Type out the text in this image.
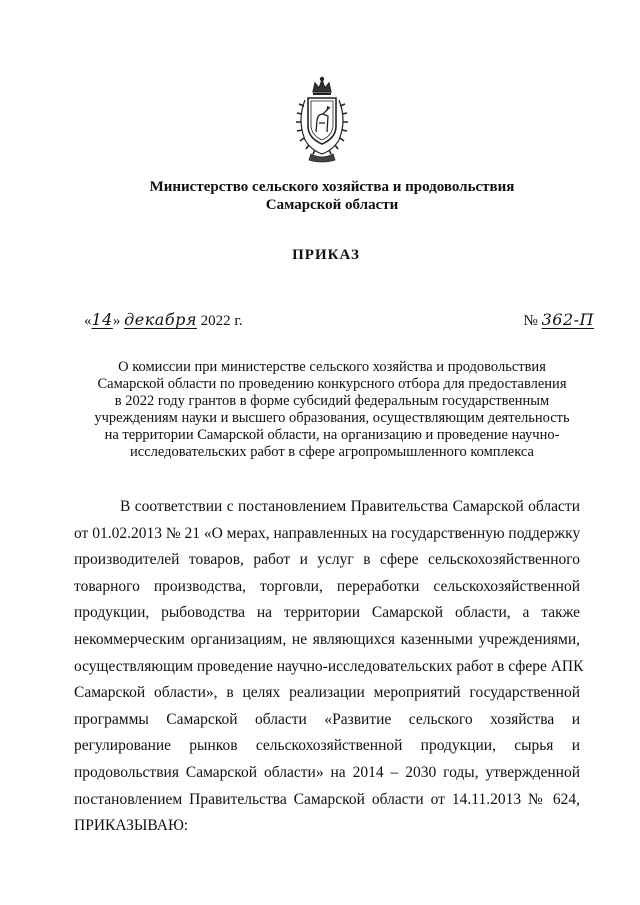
Министерство сельского хозяйства и продовольствия
Самарской области
ПРИКАЗ
«14» декабря 2022 г.	№ 362-П
О комиссии при министерстве сельского хозяйства и продовольствия
Самарской области по проведению конкурсного отбора для предоставления
в 2022 году грантов в форме субсидий федеральным государственным
учреждениям науки и высшего образования, осуществляющим деятельность
на территории Самарской области, на организацию и проведение научно-
исследовательских работ в сфере агропромышленного комплекса
В соответствии с постановлением Правительства Самарской области
от 01.02.2013 № 21 «О мерах, направленных на государственную поддержку
производителей товаров, работ и услуг в сфере сельскохозяйственного
товарного производства, торговли, переработки сельскохозяйственной
продукции, рыбоводства на территории Самарской области, а также
некоммерческим организациям, не являющихся казенными учреждениями,
осуществляющим проведение научно-исследовательских работ в сфере АПК
Самарской области», в целях реализации мероприятий государственной
программы Самарской области «Развитие сельского хозяйства и
регулирование рынков сельскохозяйственной продукции, сырья и
продовольствия Самарской области» на 2014 – 2030 годы, утвержденной
постановлением Правительства Самарской области от 14.11.2013 № 624,
ПРИКАЗЫВАЮ:
